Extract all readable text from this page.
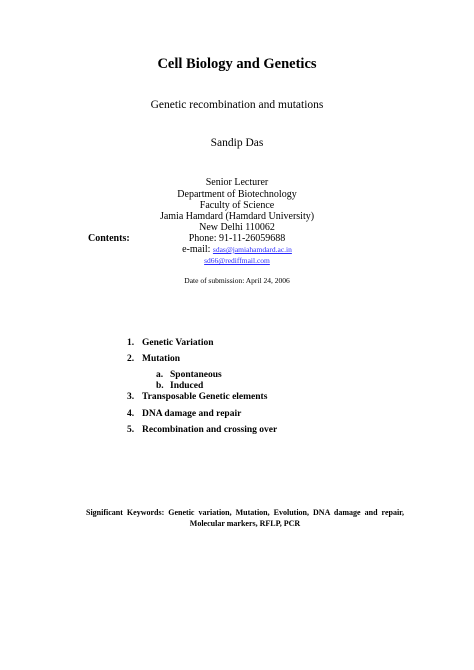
Cell Biology and Genetics
Genetic recombination and mutations
Sandip Das
Senior Lecturer
Department of Biotechnology
Faculty of Science
Jamia Hamdard (Hamdard University)
New Delhi 110062
Phone: 91-11-26059688
e-mail: sdas@jamiahamdard.ac.in
sd66@rediffmail.com
Date of submission: April 24, 2006
Contents:
1. Genetic Variation
2. Mutation
a. Spontaneous
b. Induced
3. Transposable Genetic elements
4. DNA damage and repair
5. Recombination and crossing over
Significant Keywords: Genetic variation, Mutation, Evolution, DNA damage and repair,
Molecular markers, RFLP, PCR
